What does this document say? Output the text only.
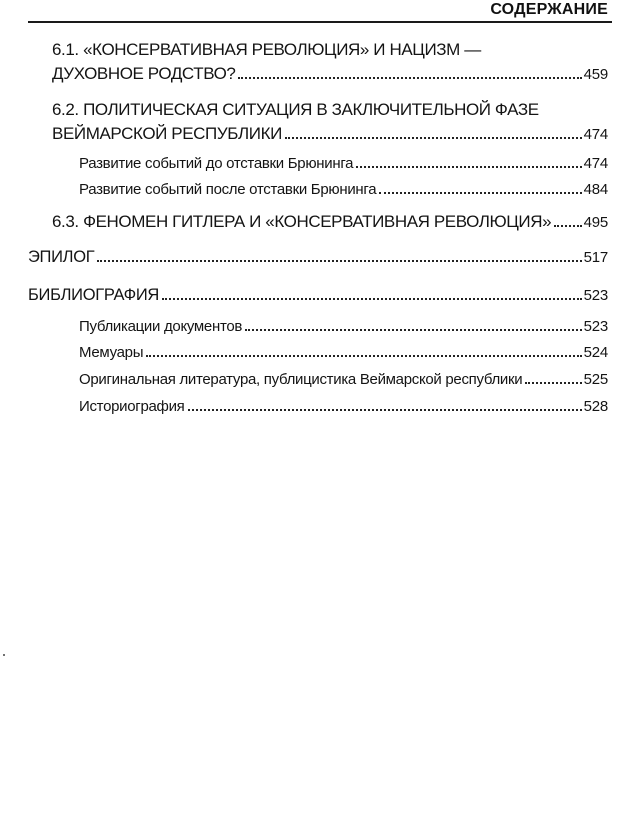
СОДЕРЖАНИЕ
6.1. «КОНСЕРВАТИВНАЯ РЕВОЛЮЦИЯ» И НАЦИЗМ —
ДУХОВНОЕ РОДСТВО?	459
6.2. ПОЛИТИЧЕСКАЯ СИТУАЦИЯ В ЗАКЛЮЧИТЕЛЬНОЙ ФАЗЕ
ВЕЙМАРСКОЙ РЕСПУБЛИКИ	474
Развитие событий до отставки Брюнинга	474
Развитие событий после отставки Брюнинга	484
6.3. ФЕНОМЕН ГИТЛЕРА И «КОНСЕРВАТИВНАЯ РЕВОЛЮЦИЯ» 495
ЭПИЛОГ	517
БИБЛИОГРАФИЯ	523
Публикации документов	523
Мемуары	524
Оригинальная литература, публицистика Веймарской республики	525
Историография	528
